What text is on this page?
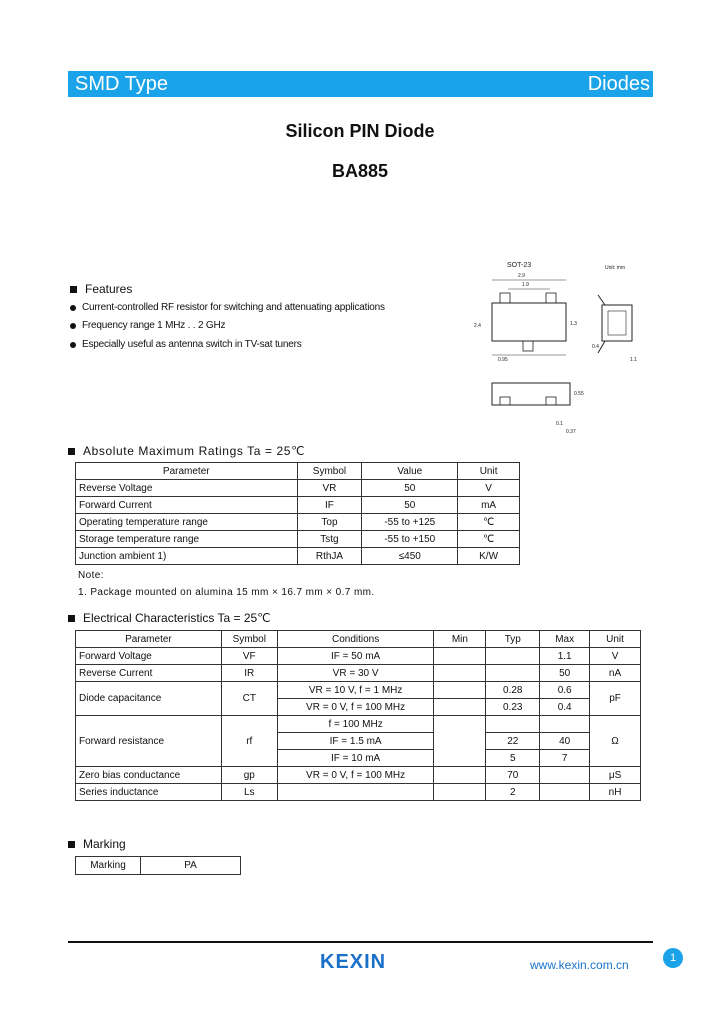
SMD Type	Diodes
Silicon PIN Diode
BA885
Features
Current-controlled RF resistor for switching and attenuating applications
Frequency range 1 MHz . . 2 GHz
Especially useful as antenna switch in TV-sat tuners
SOT-23	Unit: mm
2.9
1.9
2.4	1.3
0.95
0.4
1.1
0.55
0.1
0.37
Absolute Maximum Ratings Ta = 25℃
Parameter	Symbol	Value	Unit
Reverse Voltage	VR	50	V
Forward Current	IF	50	mA
Operating temperature range	Top	-55 to +125	℃
Storage temperature range	Tstg	-55 to +150	℃
Junction ambient 1)	RthJA	≤450	K/W
Note:
1. Package mounted on alumina 15 mm × 16.7 mm × 0.7 mm.
Electrical Characteristics Ta = 25℃
Parameter	Symbol	Conditions	Min	Typ	Max	Unit
Forward Voltage	VF	IF = 50 mA			1.1	V
Reverse Current	IR	VR = 30 V			50	nA
Diode capacitance	CT	VR = 10 V, f = 1 MHz		0.28	0.6	pF
		VR = 0 V, f = 100 MHz		0.23	0.4	
Forward resistance	rf	f = 100 MHz				Ω
		IF = 1.5 mA		22	40	
		IF = 10 mA		5	7	
Zero bias conductance	gp	VR = 0 V, f = 100 MHz		70		μS
Series inductance	Ls			2		nH
Marking
Marking	PA
KEXIN	www.kexin.com.cn	1
